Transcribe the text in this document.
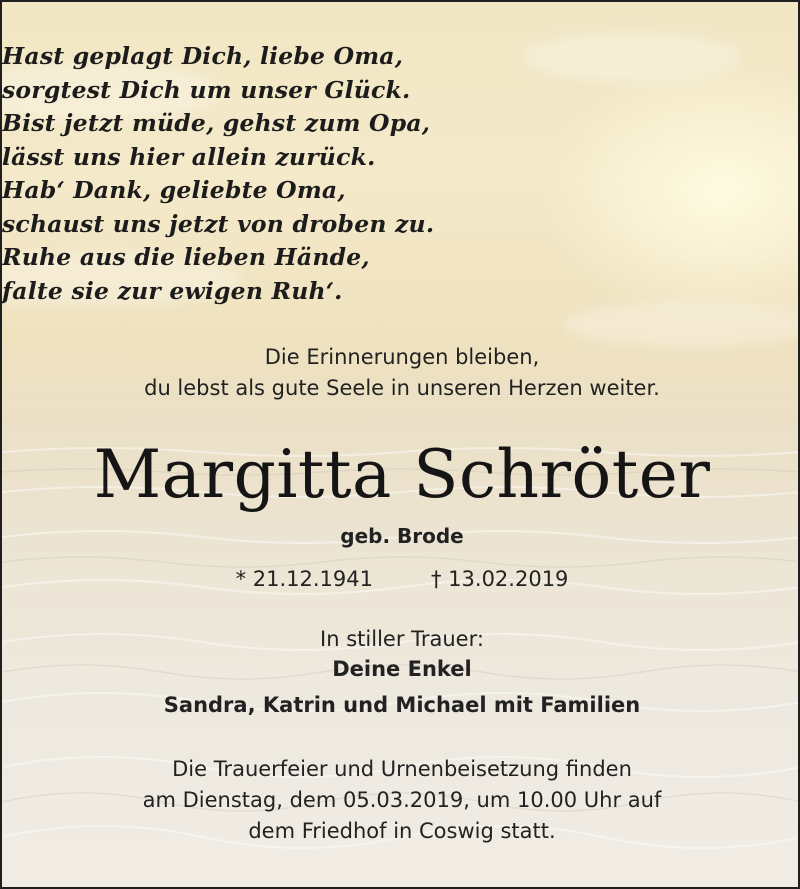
Hast geplagt Dich, liebe Oma,
sorgtest Dich um unser Glück.
Bist jetzt müde, gehst zum Opa,
lässt uns hier allein zurück.
Hab‘ Dank, geliebte Oma,
schaust uns jetzt von droben zu.
Ruhe aus die lieben Hände,
falte sie zur ewigen Ruh‘.
Die Erinnerungen bleiben,
du lebst als gute Seele in unseren Herzen weiter.
Margitta Schröter
geb. Brode
* 21.12.1941	† 13.02.2019
In stiller Trauer:
Deine Enkel
Sandra, Katrin und Michael mit Familien
Die Trauerfeier und Urnenbeisetzung finden
am Dienstag, dem 05.03.2019, um 10.00 Uhr auf
dem Friedhof in Coswig statt.
